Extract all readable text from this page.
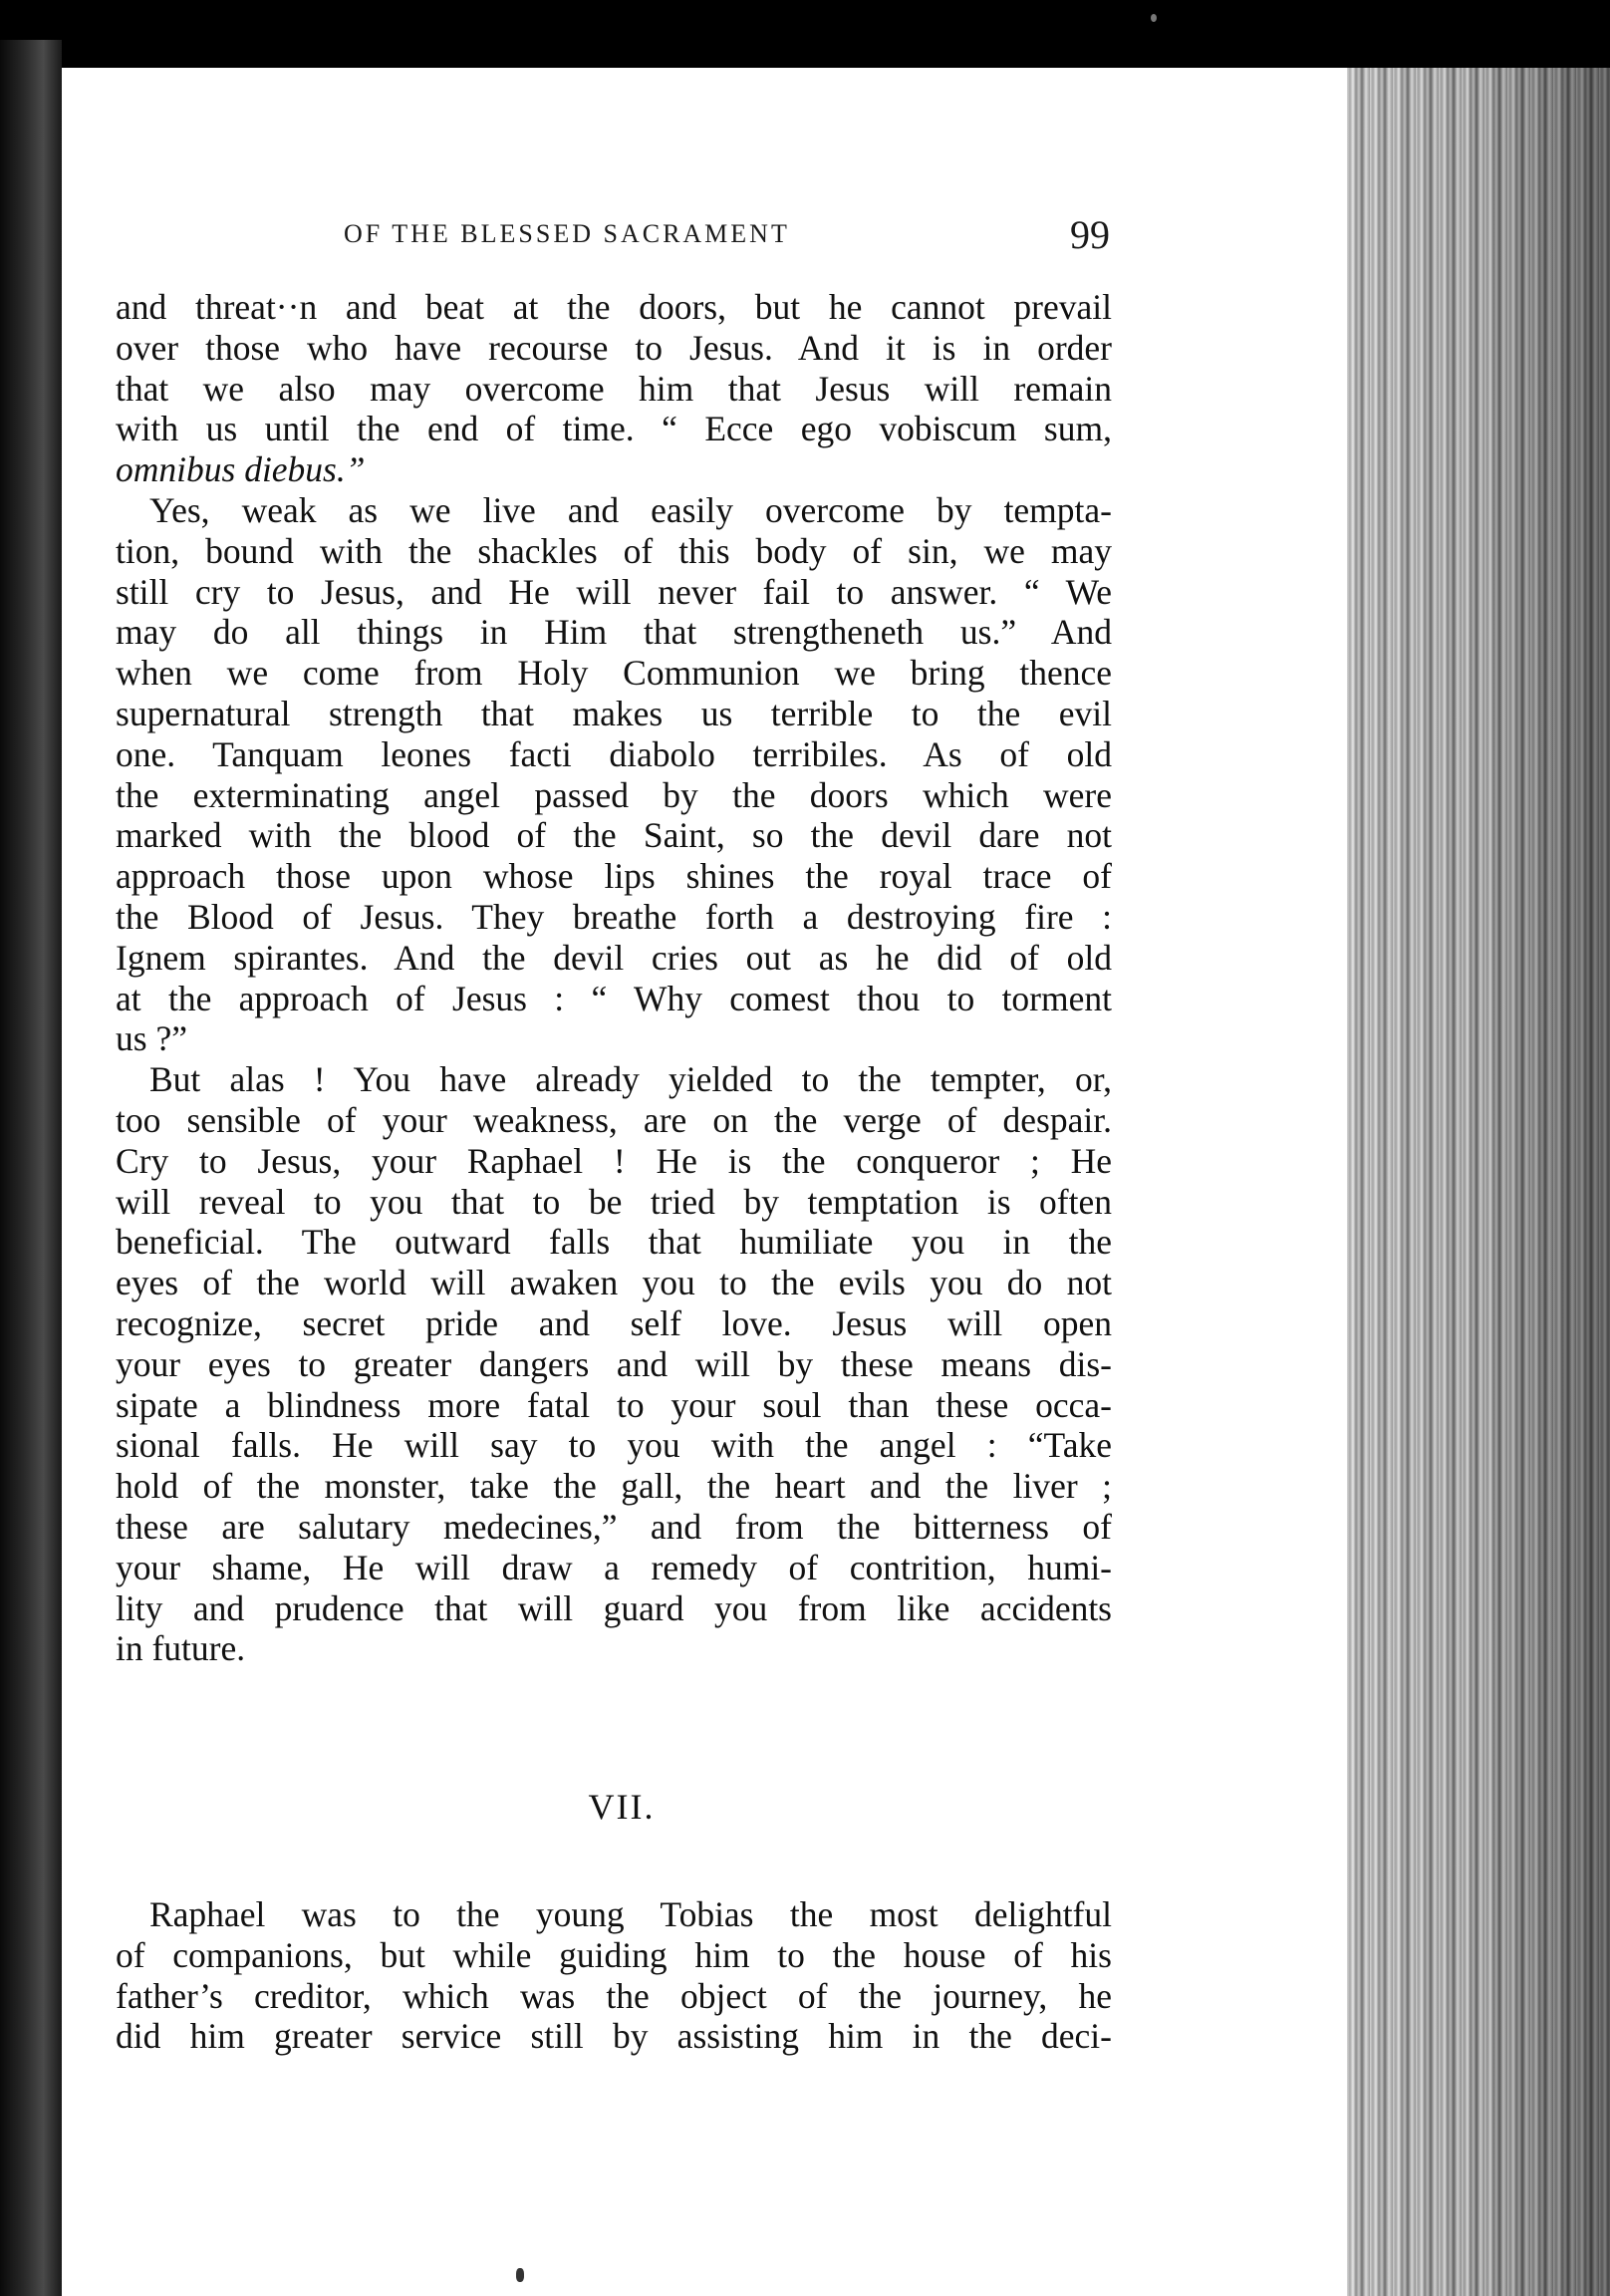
OF THE BLESSED SACRAMENT	99
and threat··n and beat at the doors, but he cannot prevail
over those who have recourse to Jesus. And it is in order
that we also may overcome him that Jesus will remain
with us until the end of time. “ Ecce ego vobiscum sum,
omnibus diebus.”
Yes, weak as we live and easily overcome by tempta-
tion, bound with the shackles of this body of sin, we may
still cry to Jesus, and He will never fail to answer. “ We
may do all things in Him that strengtheneth us.” And
when we come from Holy Communion we bring thence
supernatural strength that makes us terrible to the evil
one. Tanquam leones facti diabolo terribiles. As of old
the exterminating angel passed by the doors which were
marked with the blood of the Saint, so the devil dare not
approach those upon whose lips shines the royal trace of
the Blood of Jesus. They breathe forth a destroying fire :
Ignem spirantes. And the devil cries out as he did of old
at the approach of Jesus : “ Why comest thou to torment
us ?”
But alas ! You have already yielded to the tempter, or,
too sensible of your weakness, are on the verge of despair.
Cry to Jesus, your Raphael ! He is the conqueror ; He
will reveal to you that to be tried by temptation is often
beneficial. The outward falls that humiliate you in the
eyes of the world will awaken you to the evils you do not
recognize, secret pride and self love. Jesus will open
your eyes to greater dangers and will by these means dis-
sipate a blindness more fatal to your soul than these occa-
sional falls. He will say to you with the angel : “Take
hold of the monster, take the gall, the heart and the liver ;
these are salutary medecines,” and from the bitterness of
your shame, He will draw a remedy of contrition, humi-
lity and prudence that will guard you from like accidents
in future.
VII.
Raphael was to the young Tobias the most delightful
of companions, but while guiding him to the house of his
father’s creditor, which was the object of the journey, he
did him greater service still by assisting him in the deci-
